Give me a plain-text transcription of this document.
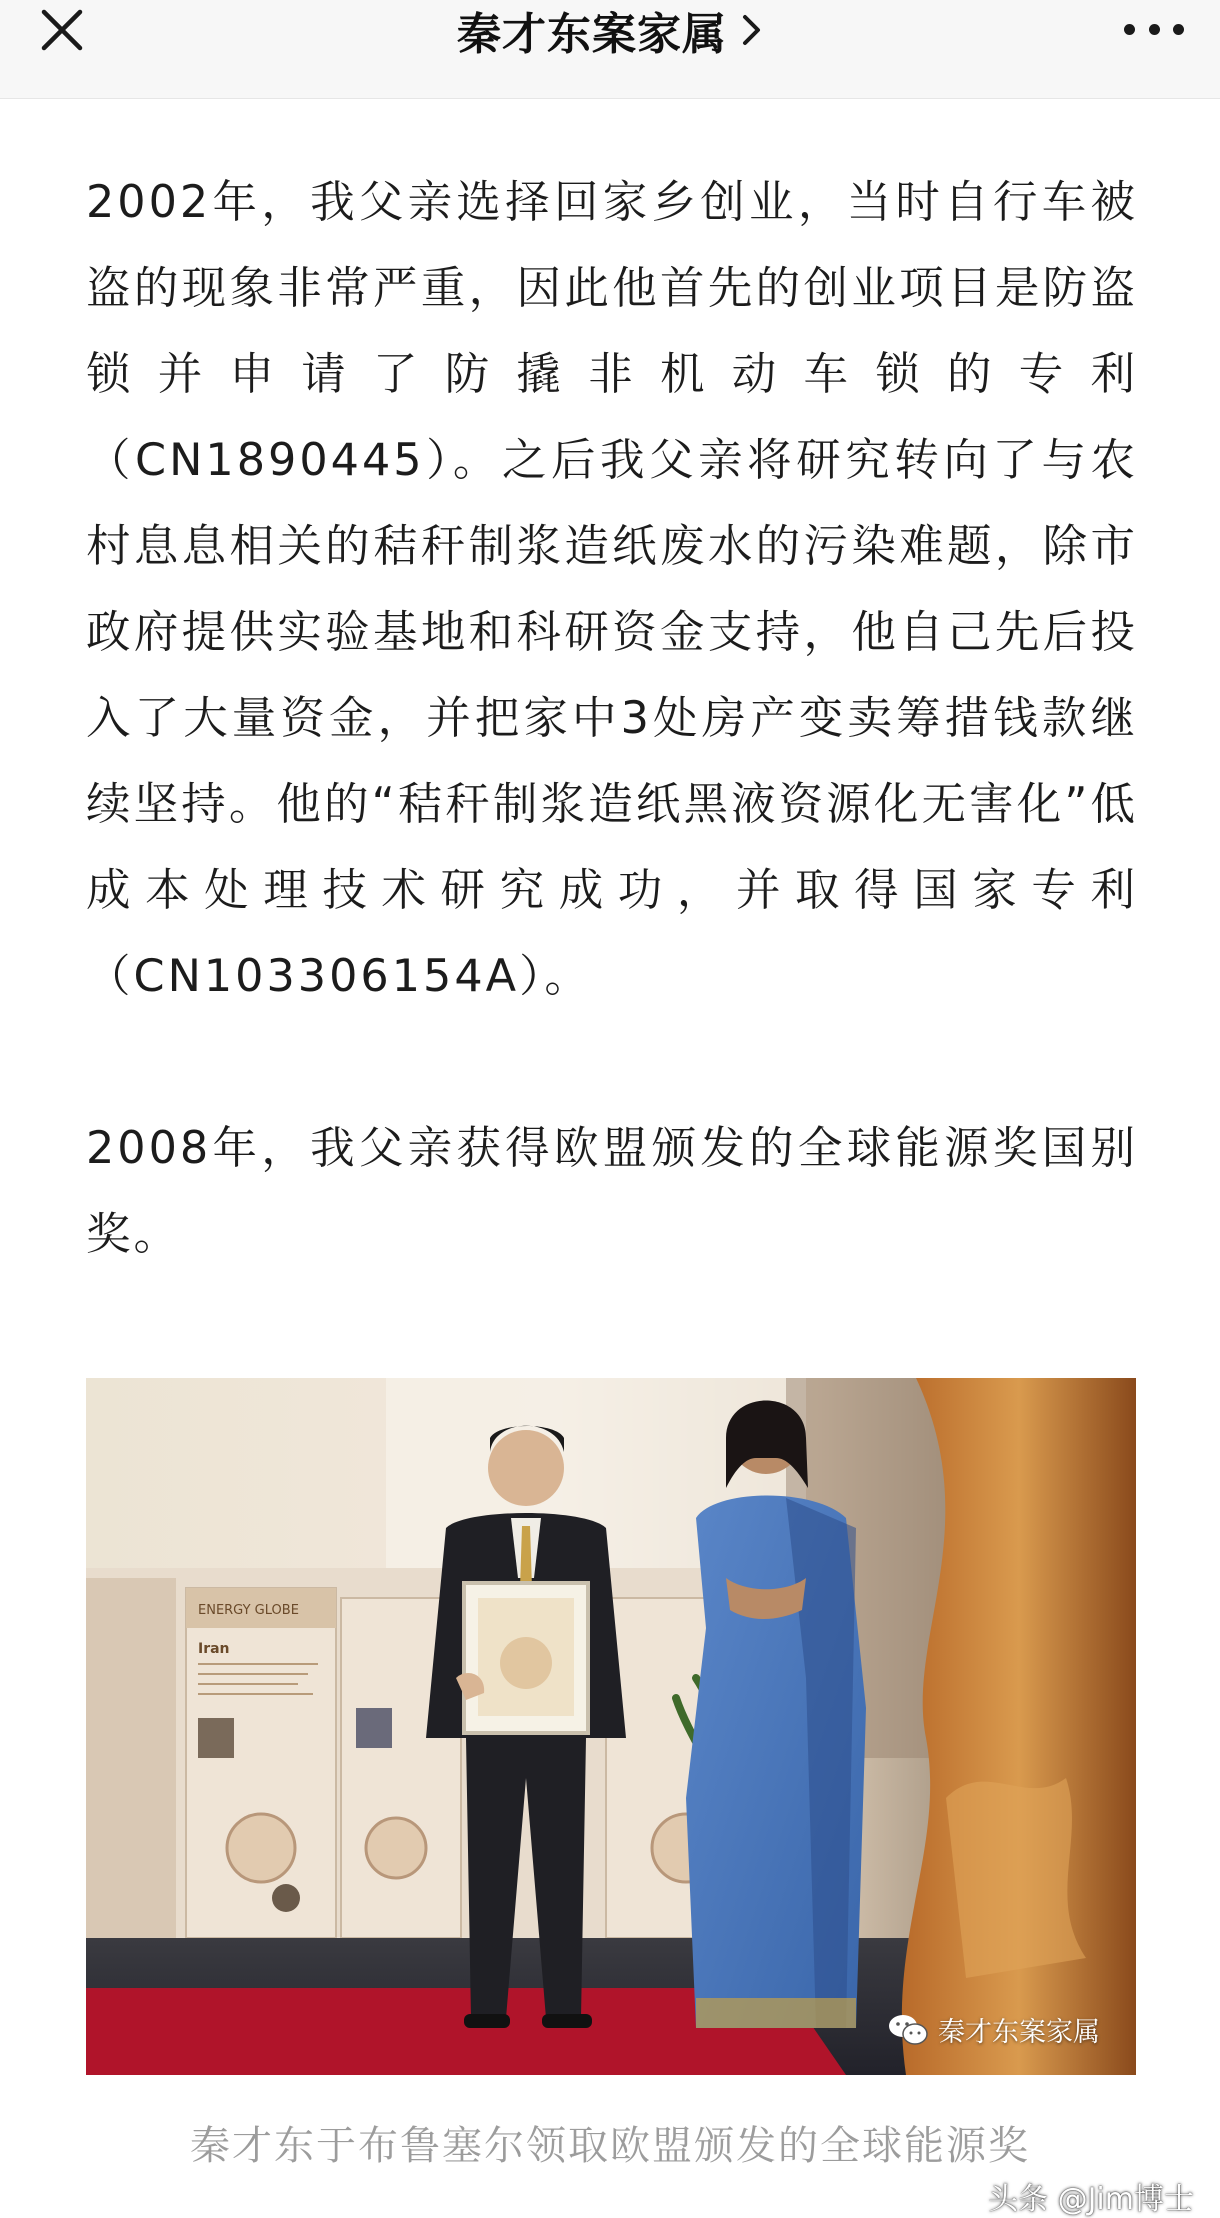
秦才东案家属

2002年，我父亲选择回家乡创业，当时自行车被盗的现象非常严重，因此他首先的创业项目是防盗锁并申请了防撬非机动车锁的专利（CN1890445）。之后我父亲将研究转向了与农村息息相关的秸秆制浆造纸废水的污染难题，除市政府提供实验基地和科研资金支持，他自己先后投入了大量资金，并把家中3处房产变卖筹措钱款继续坚持。他的“秸秆制浆造纸黑液资源化无害化”低成本处理技术研究成功，并取得国家专利（CN103306154A）。

2008年，我父亲获得欧盟颁发的全球能源奖国别奖。

ENERGY GLOBE
Iran
秦才东案家属
秦才东于布鲁塞尔领取欧盟颁发的全球能源奖
头条 @Jim博士
